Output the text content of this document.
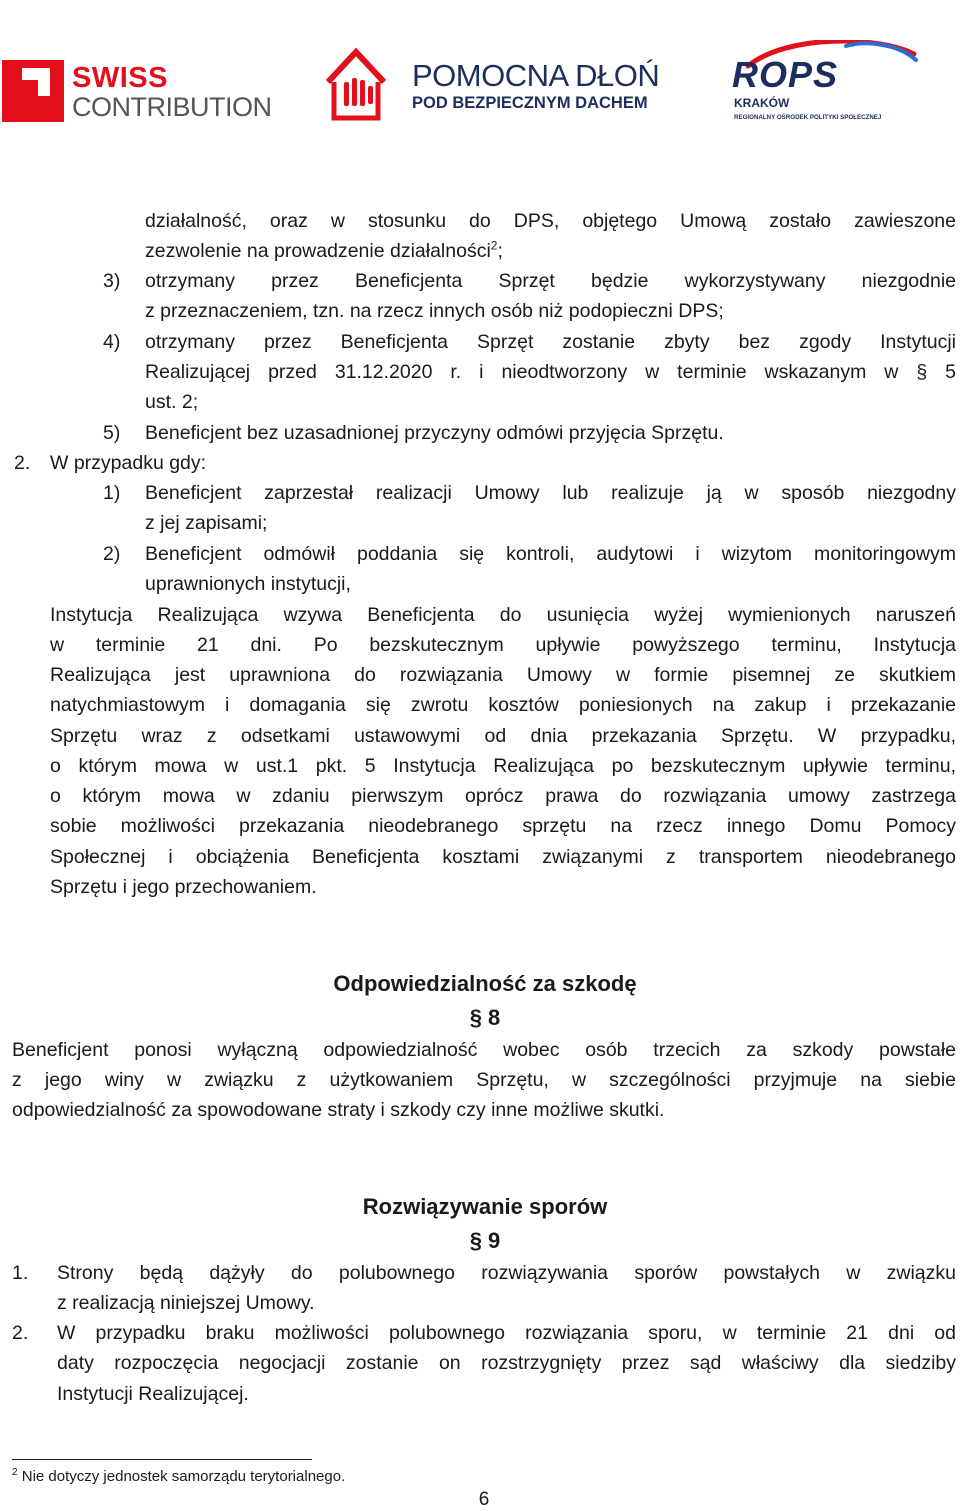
SWISS
CONTRIBUTION
POMOCNA DŁOŃ
POD BEZPIECZNYM DACHEM
ROPS
KRAKÓW
REGIONALNY OŚRODEK POLITYKI SPOŁECZNEJ
działalność, oraz w stosunku do DPS, objętego Umową zostało zawieszone
zezwolenie na prowadzenie działalności$^2$;
3) otrzymany przez Beneficjenta Sprzęt będzie wykorzystywany niezgodnie
z przeznaczeniem, tzn. na rzecz innych osób niż podopieczni DPS;
4) otrzymany przez Beneficjenta Sprzęt zostanie zbyty bez zgody Instytucji
Realizującej przed 31.12.2020 r. i nieodtworzony w terminie wskazanym w § 5
ust. 2;
5) Beneficjent bez uzasadnionej przyczyny odmówi przyjęcia Sprzętu.
2. W przypadku gdy:
1) Beneficjent zaprzestał realizacji Umowy lub realizuje ją w sposób niezgodny
z jej zapisami;
2) Beneficjent odmówił poddania się kontroli, audytowi i wizytom monitoringowym
uprawnionych instytucji,
Instytucja Realizująca wzywa Beneficjenta do usunięcia wyżej wymienionych naruszeń
w terminie 21 dni. Po bezskutecznym upływie powyższego terminu, Instytucja
Realizująca jest uprawniona do rozwiązania Umowy w formie pisemnej ze skutkiem
natychmiastowym i domagania się zwrotu kosztów poniesionych na zakup i przekazanie
Sprzętu wraz z odsetkami ustawowymi od dnia przekazania Sprzętu. W przypadku,
o którym mowa w ust.1 pkt. 5 Instytucja Realizująca po bezskutecznym upływie terminu,
o którym mowa w zdaniu pierwszym oprócz prawa do rozwiązania umowy zastrzega
sobie możliwości przekazania nieodebranego sprzętu na rzecz innego Domu Pomocy
Społecznej i obciążenia Beneficjenta kosztami związanymi z transportem nieodebranego
Sprzętu i jego przechowaniem.
Odpowiedzialność za szkodę
§ 8
Beneficjent ponosi wyłączną odpowiedzialność wobec osób trzecich za szkody powstałe
z jego winy w związku z użytkowaniem Sprzętu, w szczególności przyjmuje na siebie
odpowiedzialność za spowodowane straty i szkody czy inne możliwe skutki.
Rozwiązywanie sporów
§ 9
1. Strony będą dążyły do polubownego rozwiązywania sporów powstałych w związku
z realizacją niniejszej Umowy.
2. W przypadku braku możliwości polubownego rozwiązania sporu, w terminie 21 dni od
daty rozpoczęcia negocjacji zostanie on rozstrzygnięty przez sąd właściwy dla siedziby
Instytucji Realizującej.
$^2$ Nie dotyczy jednostek samorządu terytorialnego.
6
